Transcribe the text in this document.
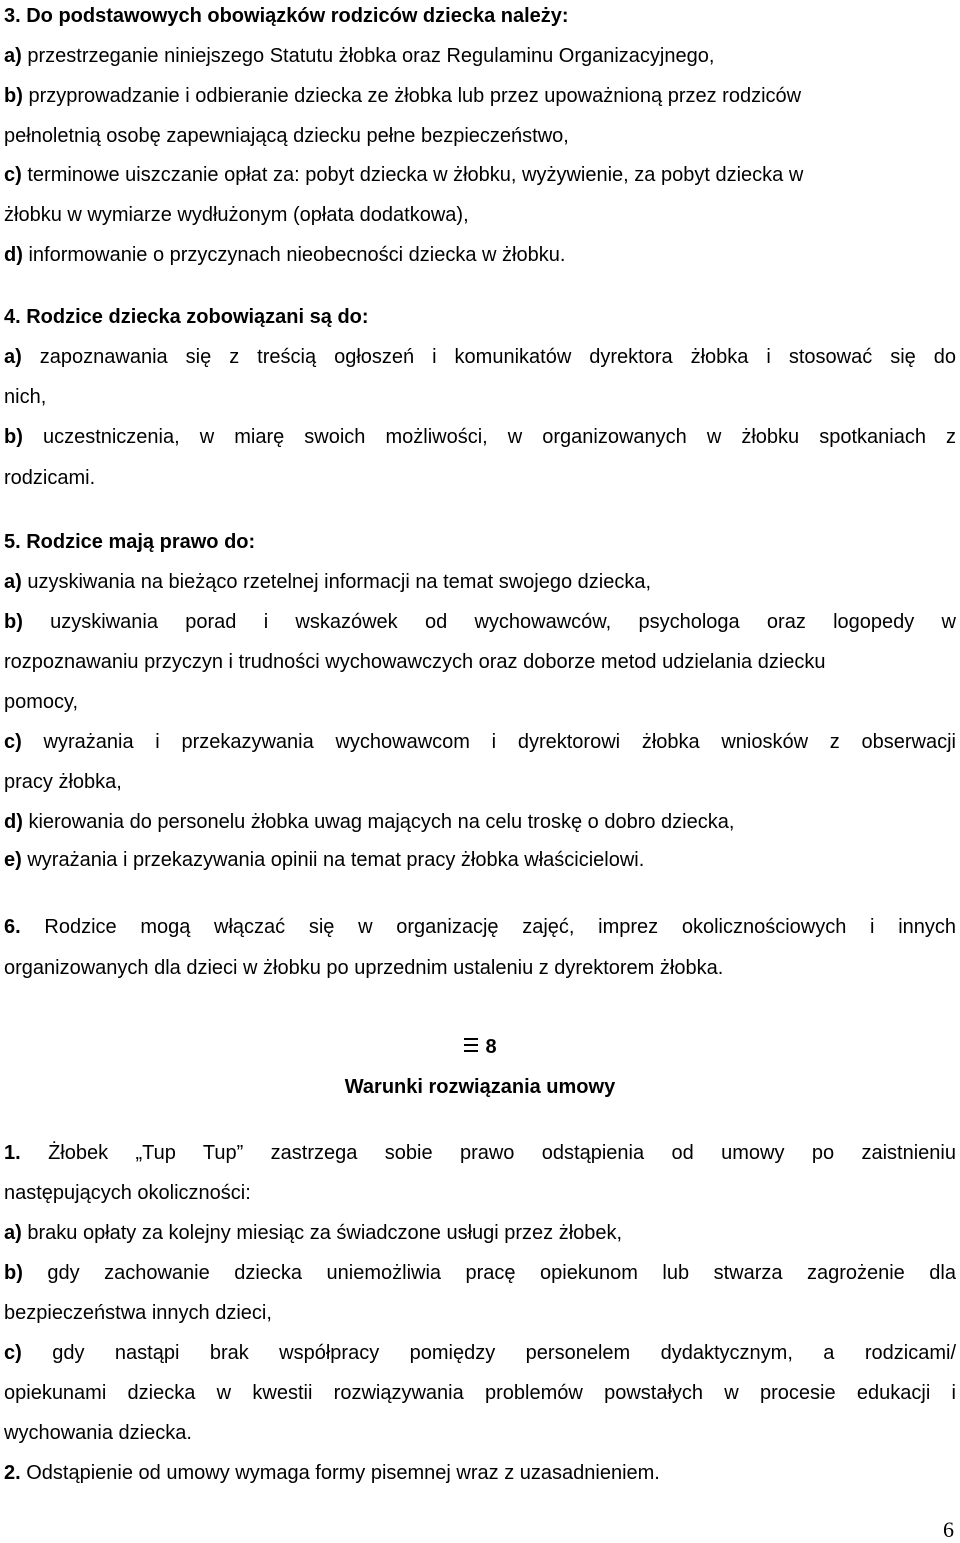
3. Do podstawowych obowiązków rodziców dziecka należy:
a) przestrzeganie niniejszego Statutu żłobka oraz Regulaminu Organizacyjnego,
b) przyprowadzanie i odbieranie dziecka ze żłobka lub przez upoważnioną przez rodziców
pełnoletnią osobę zapewniającą dziecku pełne bezpieczeństwo,
c) terminowe uiszczanie opłat za: pobyt dziecka w żłobku, wyżywienie, za pobyt dziecka w
żłobku w wymiarze wydłużonym (opłata dodatkowa),
d) informowanie o przyczynach nieobecności dziecka w żłobku.
4. Rodzice dziecka zobowiązani są do:
a) zapoznawania się z treścią ogłoszeń i komunikatów dyrektora żłobka i stosować się do
nich,
b) uczestniczenia, w miarę swoich możliwości, w organizowanych w żłobku spotkaniach z
rodzicami.
5. Rodzice mają prawo do:
a) uzyskiwania na bieżąco rzetelnej informacji na temat swojego dziecka,
b) uzyskiwania porad i wskazówek od wychowawców, psychologa oraz logopedy w
rozpoznawaniu przyczyn i trudności wychowawczych oraz doborze metod udzielania dziecku
pomocy,
c) wyrażania i przekazywania wychowawcom i dyrektorowi żłobka wniosków z obserwacji
pracy żłobka,
d) kierowania do personelu żłobka uwag mających na celu troskę o dobro dziecka,
e) wyrażania i przekazywania opinii na temat pracy żłobka właścicielowi.
6. Rodzice mogą włączać się w organizację zajęć, imprez okolicznościowych i innych
organizowanych dla dzieci w żłobku po uprzednim ustaleniu z dyrektorem żłobka.
8
Warunki rozwiązania umowy
1. Żłobek „Tup Tup” zastrzega sobie prawo odstąpienia od umowy po zaistnieniu
następujących okoliczności:
a) braku opłaty za kolejny miesiąc za świadczone usługi przez żłobek,
b) gdy zachowanie dziecka uniemożliwia pracę opiekunom lub stwarza zagrożenie dla
bezpieczeństwa innych dzieci,
c) gdy nastąpi brak współpracy pomiędzy personelem dydaktycznym, a rodzicami/
opiekunami dziecka w kwestii rozwiązywania problemów powstałych w procesie edukacji i
wychowania dziecka.
2. Odstąpienie od umowy wymaga formy pisemnej wraz z uzasadnieniem.
6
